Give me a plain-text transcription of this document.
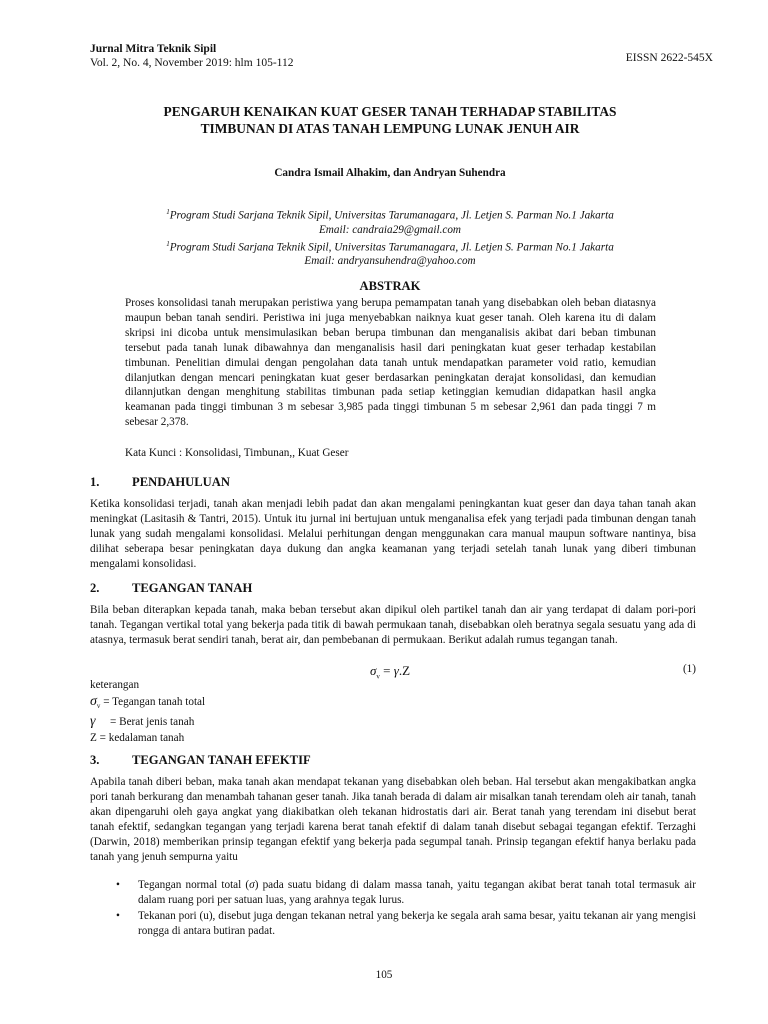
Jurnal Mitra Teknik Sipil
Vol. 2, No. 4, November 2019: hlm 105-112	EISSN 2622-545X
PENGARUH KENAIKAN KUAT GESER TANAH TERHADAP STABILITAS
TIMBUNAN DI ATAS TANAH LEMPUNG LUNAK JENUH AIR
Candra Ismail Alhakim, dan Andryan Suhendra
$^1$Program Studi Sarjana Teknik Sipil, Universitas Tarumanagara, Jl. Letjen S. Parman No.1 Jakarta
Email: candraia29@gmail.com
$^1$Program Studi Sarjana Teknik Sipil, Universitas Tarumanagara, Jl. Letjen S. Parman No.1 Jakarta
Email: andryansuhendra@yahoo.com
ABSTRAK

Proses konsolidasi tanah merupakan peristiwa yang berupa pemampatan tanah yang disebabkan oleh beban diatasnya maupun beban tanah sendiri. Peristiwa ini juga menyebabkan naiknya kuat geser tanah. Oleh karena itu di dalam skripsi ini dicoba untuk mensimulasikan beban berupa timbunan dan menganalisis akibat dari beban timbunan tersebut pada tanah lunak dibawahnya dan menganalisis hasil dari peningkatan kuat geser terhadap kestabilan timbunan. Penelitian dimulai dengan pengolahan data tanah untuk mendapatkan parameter void ratio, kemudian dilanjutkan dengan mencari peningkatan kuat geser berdasarkan peningkatan derajat konsolidasi, dan kemudian dilannjutkan dengan menghitung stabilitas timbunan pada setiap ketinggian kemudian didapatkan hasil angka keamanan pada tinggi timbunan 3 m sebesar 3,985 pada tinggi timbunan 5 m sebesar 2,961 dan pada tinggi 7 m sebesar 2,378.

Kata Kunci : Konsolidasi, Timbunan,, Kuat Geser
1.	PENDAHULUAN

Ketika konsolidasi terjadi, tanah akan menjadi lebih padat dan akan mengalami peningkantan kuat geser dan daya tahan tanah akan meningkat (Lasitasih & Tantri, 2015). Untuk itu jurnal ini bertujuan untuk menganalisa efek yang terjadi pada timbunan dengan tanah lunak yang sudah mengalami konsolidasi. Melalui perhitungan dengan menggunakan cara manual maupun software nantinya, bisa dilihat seberapa besar peningkatan daya dukung dan angka keamanan yang terjadi setelah tanah lunak yang diberi timbunan mengalami konsolidasi.

2.	TEGANGAN TANAH

Bila beban diterapkan kepada tanah, maka beban tersebut akan dipikul oleh partikel tanah dan air yang terdapat di dalam pori-pori tanah. Tegangan vertikal total yang bekerja pada titik di bawah permukaan tanah, disebabkan oleh beratnya segala sesuatu yang ada di atasnya, termasuk berat sendiri tanah, berat air, dan pembebanan di permukaan. Berikut adalah rumus tegangan tanah.

$\sigma_v = \gamma.Z$	(1)
keterangan
$\sigma_v$ = Tegangan tanah total
γ = Berat jenis tanah
Z = kedalaman tanah
3.	TEGANGAN TANAH EFEKTIF

Apabila tanah diberi beban, maka tanah akan mendapat tekanan yang disebabkan oleh beban. Hal tersebut akan mengakibatkan angka pori tanah berkurang dan menambah tahanan geser tanah. Jika tanah berada di dalam air misalkan tanah terendam oleh air tanah, tanah akan dipengaruhi oleh gaya angkat yang diakibatkan oleh tekanan hidrostatis dari air. Berat tanah yang terendam ini disebut berat tanah efektif, sedangkan tegangan yang terjadi karena berat tanah efektif di dalam tanah disebut sebagai tegangan efektif. Terzaghi (Darwin, 2018) memberikan prinsip tegangan efektif yang bekerja pada segumpal tanah. Prinsip tegangan efektif hanya berlaku pada tanah yang jenuh sempurna yaitu

• Tegangan normal total (σ) pada suatu bidang di dalam massa tanah, yaitu tegangan akibat berat tanah total termasuk air dalam ruang pori per satuan luas, yang arahnya tegak lurus.
• Tekanan pori (u), disebut juga dengan tekanan netral yang bekerja ke segala arah sama besar, yaitu tekanan air yang mengisi rongga di antara butiran padat.
105
